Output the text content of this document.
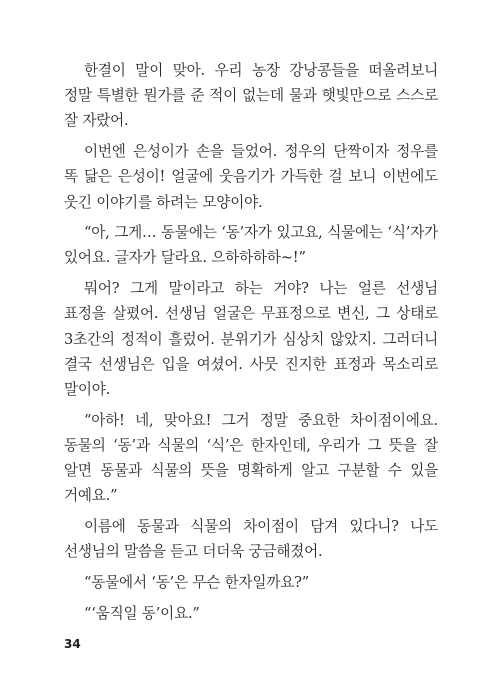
한결이 말이 맞아. 우리 농장 강낭콩들을 떠올려보니 정말 특별한 뭔가를 준 적이 없는데 물과 햇빛만으로 스스로 잘 자랐어.

이번엔 은성이가 손을 들었어. 정우의 단짝이자 정우를 똑 닮은 은성이! 얼굴에 웃음기가 가득한 걸 보니 이번에도 웃긴 이야기를 하려는 모양이야.

“아, 그게… 동물에는 ‘동’자가 있고요, 식물에는 ‘식’자가 있어요. 글자가 달라요. 으하하하하~!”

뭐어? 그게 말이라고 하는 거야? 나는 얼른 선생님 표정을 살폈어. 선생님 얼굴은 무표정으로 변신, 그 상태로 3초간의 정적이 흘렀어. 분위기가 심상치 않았지. 그러더니 결국 선생님은 입을 여셨어. 사뭇 진지한 표정과 목소리로 말이야.

“아하! 네, 맞아요! 그거 정말 중요한 차이점이에요. 동물의 ‘동’과 식물의 ‘식’은 한자인데, 우리가 그 뜻을 잘 알면 동물과 식물의 뜻을 명확하게 알고 구분할 수 있을 거예요.”

이름에 동물과 식물의 차이점이 담겨 있다니? 나도 선생님의 말씀을 듣고 더더욱 궁금해졌어.

“동물에서 ‘동’은 무슨 한자일까요?”

“‘움직일 동’이요.”

34
